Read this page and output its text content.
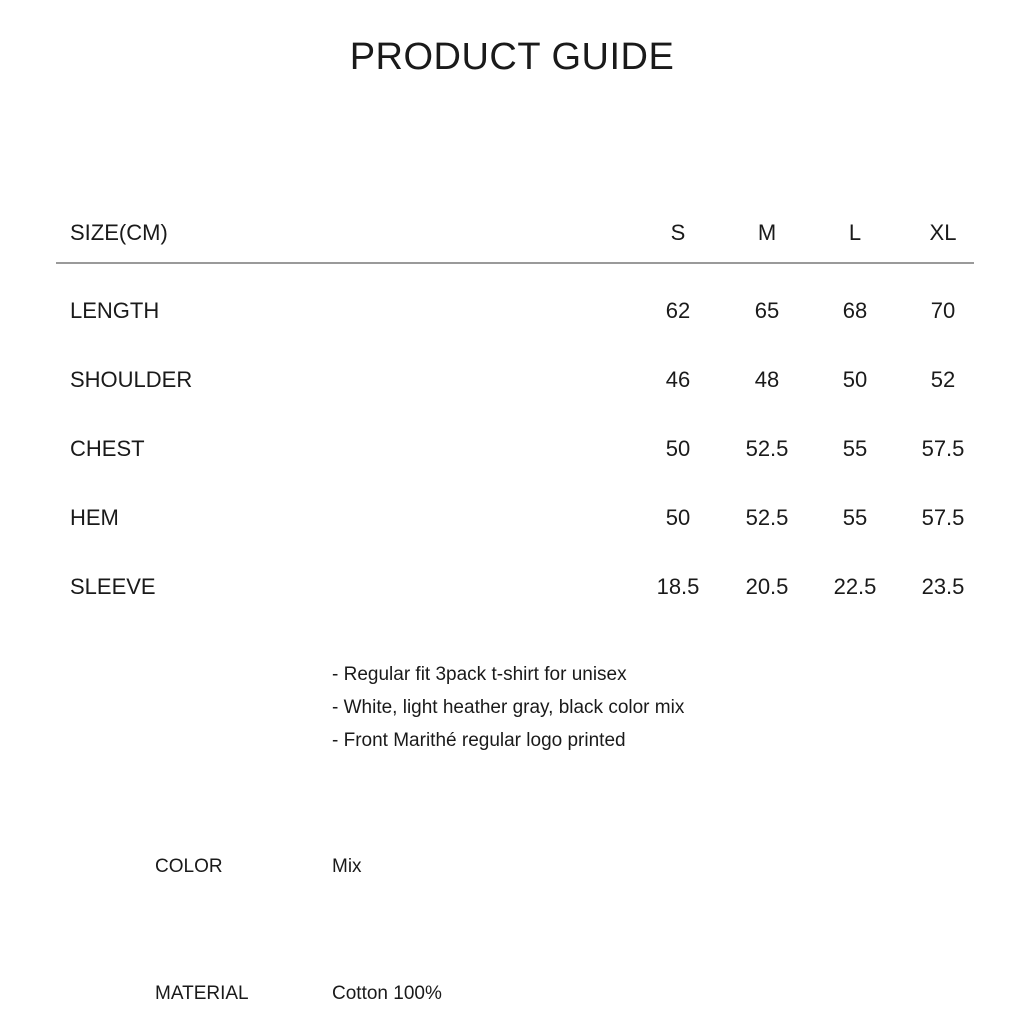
PRODUCT GUIDE
SIZE(CM)	S	M	L	XL
LENGTH	62	65	68	70
SHOULDER	46	48	50	52
CHEST	50	52.5	55	57.5
HEM	50	52.5	55	57.5
SLEEVE	18.5	20.5	22.5	23.5
- Regular fit 3pack t-shirt for unisex
- White, light heather gray, black color mix
- Front Marithé regular logo printed
COLOR	Mix
MATERIAL	Cotton 100%
